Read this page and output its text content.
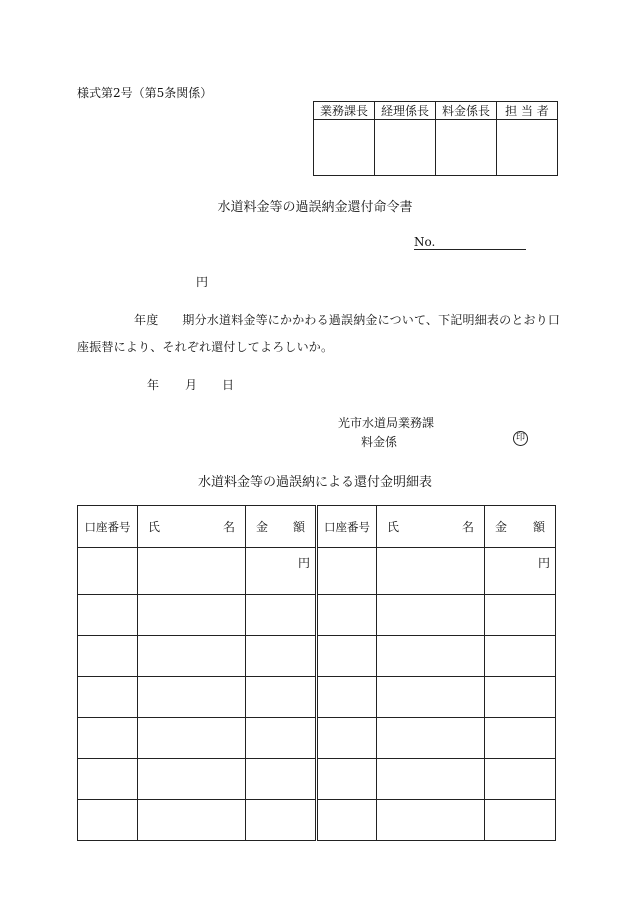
様式第2号（第5条関係）
業務課長	経理係長	料金係長	担 当 者

水道料金等の過誤納金還付命令書
No.
円
年度 期分水道料金等にかかわる過誤納金について、下記明細表のとおり口
座振替により、それぞれ還付してよろしいか。
年 月 日
光市水道局業務課
料金係	印
水道料金等の過誤納による還付金明細表
口座番号	氏 名	金 額	口座番号	氏 名	金 額

		円			円
